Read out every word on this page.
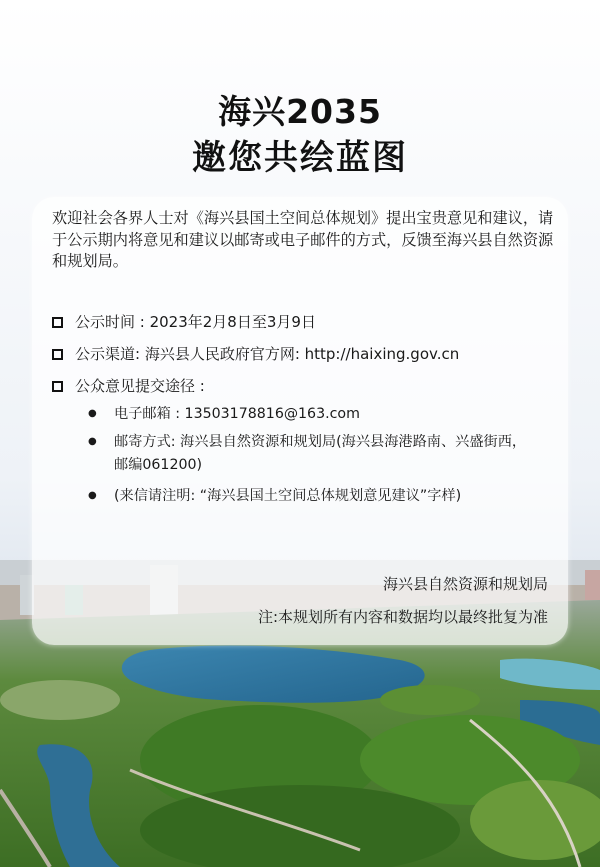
海兴2035
邀您共绘蓝图
欢迎社会各界人士对《海兴县国土空间总体规划》提出宝贵意见和建议，请于公示期内将意见和建议以邮寄或电子邮件的方式，反馈至海兴县自然资源和规划局。
公示时间 : 2023年2月8日至3月9日
公示渠道: 海兴县人民政府官方网: http://haixing.gov.cn
公众意见提交途径 :
● 电子邮箱 : 13503178816@163.com
● 邮寄方式: 海兴县自然资源和规划局(海兴县海港路南、兴盛街西，
邮编061200)
● (来信请注明: “海兴县国土空间总体规划意见建议”字样)
海兴县自然资源和规划局
注:本规划所有内容和数据均以最终批复为准
